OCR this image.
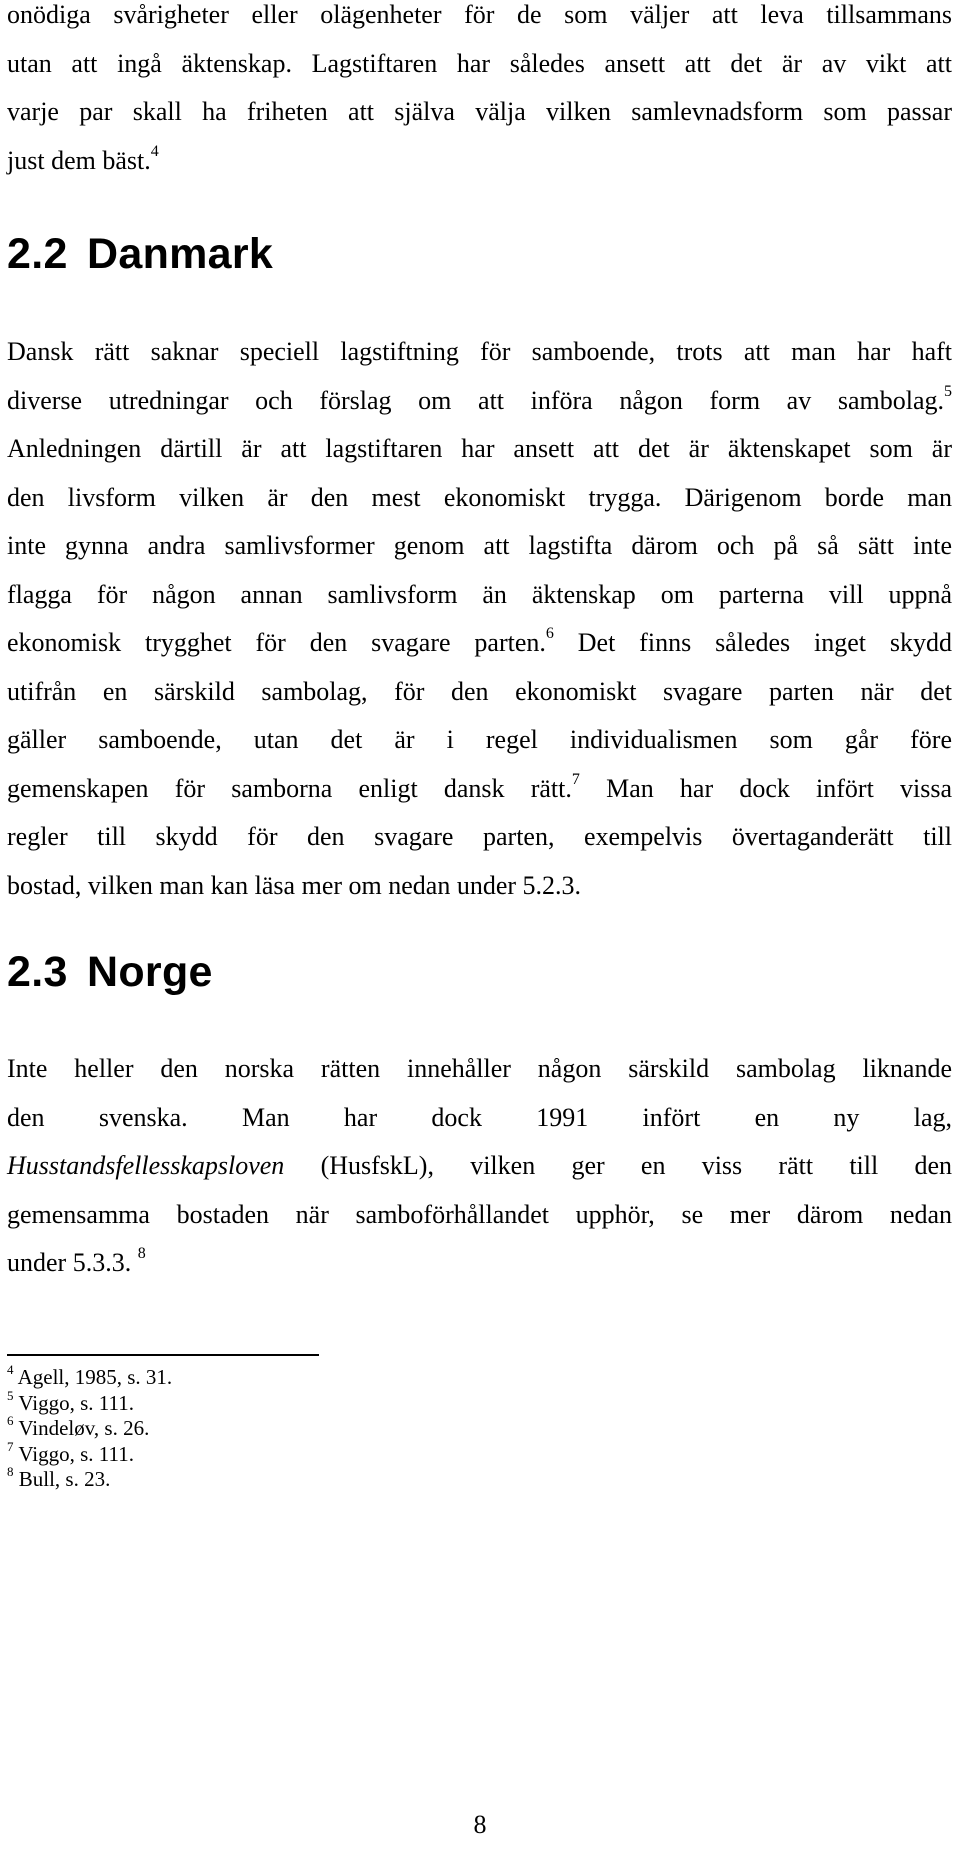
onödiga svårigheter eller olägenheter för de som väljer att leva tillsammans
utan att ingå äktenskap. Lagstiftaren har således ansett att det är av vikt att
varje par skall ha friheten att själva välja vilken samlevnadsform som passar
just dem bäst.$^4$

2.2 Danmark

Dansk rätt saknar speciell lagstiftning för samboende, trots att man har haft
diverse utredningar och förslag om att införa någon form av sambolag.$^5$
Anledningen därtill är att lagstiftaren har ansett att det är äktenskapet som är
den livsform vilken är den mest ekonomiskt trygga. Därigenom borde man
inte gynna andra samlivsformer genom att lagstifta därom och på så sätt inte
flagga för någon annan samlivsform än äktenskap om parterna vill uppnå
ekonomisk trygghet för den svagare parten.$^6$ Det finns således inget skydd
utifrån en särskild sambolag, för den ekonomiskt svagare parten när det
gäller samboende, utan det är i regel individualismen som går före
gemenskapen för samborna enligt dansk rätt.$^7$ Man har dock infört vissa
regler till skydd för den svagare parten, exempelvis övertaganderätt till
bostad, vilken man kan läsa mer om nedan under 5.2.3.

2.3 Norge

Inte heller den norska rätten innehåller någon särskild sambolag liknande
den svenska. Man har dock 1991 infört en ny lag,
Husstandsfellesskapsloven (HusfskL), vilken ger en viss rätt till den
gemensamma bostaden när samboförhållandet upphör, se mer därom nedan
under 5.3.3. $^8$

$^4$ Agell, 1985, s. 31.
$^5$ Viggo, s. 111.
$^6$ Vindeløv, s. 26.
$^7$ Viggo, s. 111.
$^8$ Bull, s. 23.
8
